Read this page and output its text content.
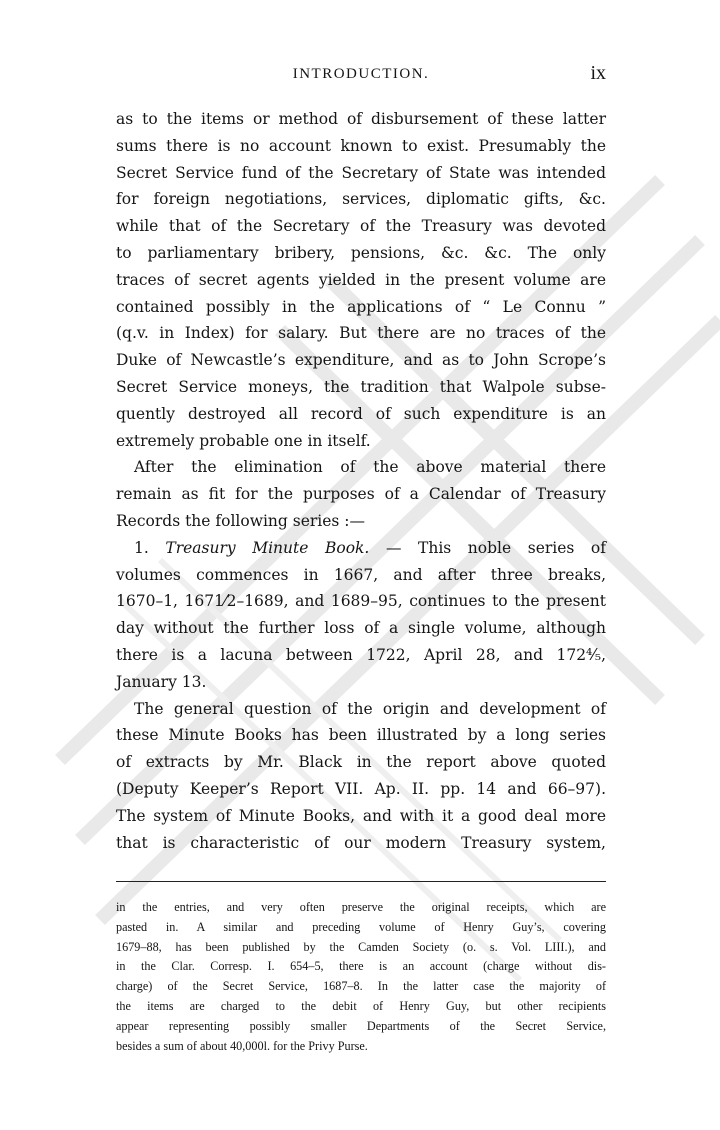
INTRODUCTION.	ix
as to the items or method of disbursement of these latter
sums there is no account known to exist. Presumably the
Secret Service fund of the Secretary of State was intended
for foreign negotiations, services, diplomatic gifts, &c.
while that of the Secretary of the Treasury was devoted
to parliamentary bribery, pensions, &c. &c. The only
traces of secret agents yielded in the present volume are
contained possibly in the applications of “ Le Connu ”
(q.v. in Index) for salary. But there are no traces of the
Duke of Newcastle’s expenditure, and as to John Scrope’s
Secret Service moneys, the tradition that Walpole subse-
quently destroyed all record of such expenditure is an
extremely probable one in itself.
After the elimination of the above material there
remain as fit for the purposes of a Calendar of Treasury
Records the following series :—
1. Treasury Minute Book. — This noble series of
volumes commences in 1667, and after three breaks,
1670–1, 1671⁄2–1689, and 1689–95, continues to the present
day without the further loss of a single volume, although
there is a lacuna between 1722, April 28, and 172⁴⁄₅,
January 13.
The general question of the origin and development of
these Minute Books has been illustrated by a long series
of extracts by Mr. Black in the report above quoted
(Deputy Keeper’s Report VII. Ap. II. pp. 14 and 66–97).
The system of Minute Books, and with it a good deal more
that is characteristic of our modern Treasury system,
in the entries, and very often preserve the original receipts, which are
pasted in. A similar and preceding volume of Henry Guy’s, covering
1679–88, has been published by the Camden Society (o. s. Vol. LIII.), and
in the Clar. Corresp. I. 654–5, there is an account (charge without dis-
charge) of the Secret Service, 1687–8. In the latter case the majority of
the items are charged to the debit of Henry Guy, but other recipients
appear representing possibly smaller Departments of the Secret Service,
besides a sum of about 40,000l. for the Privy Purse.
